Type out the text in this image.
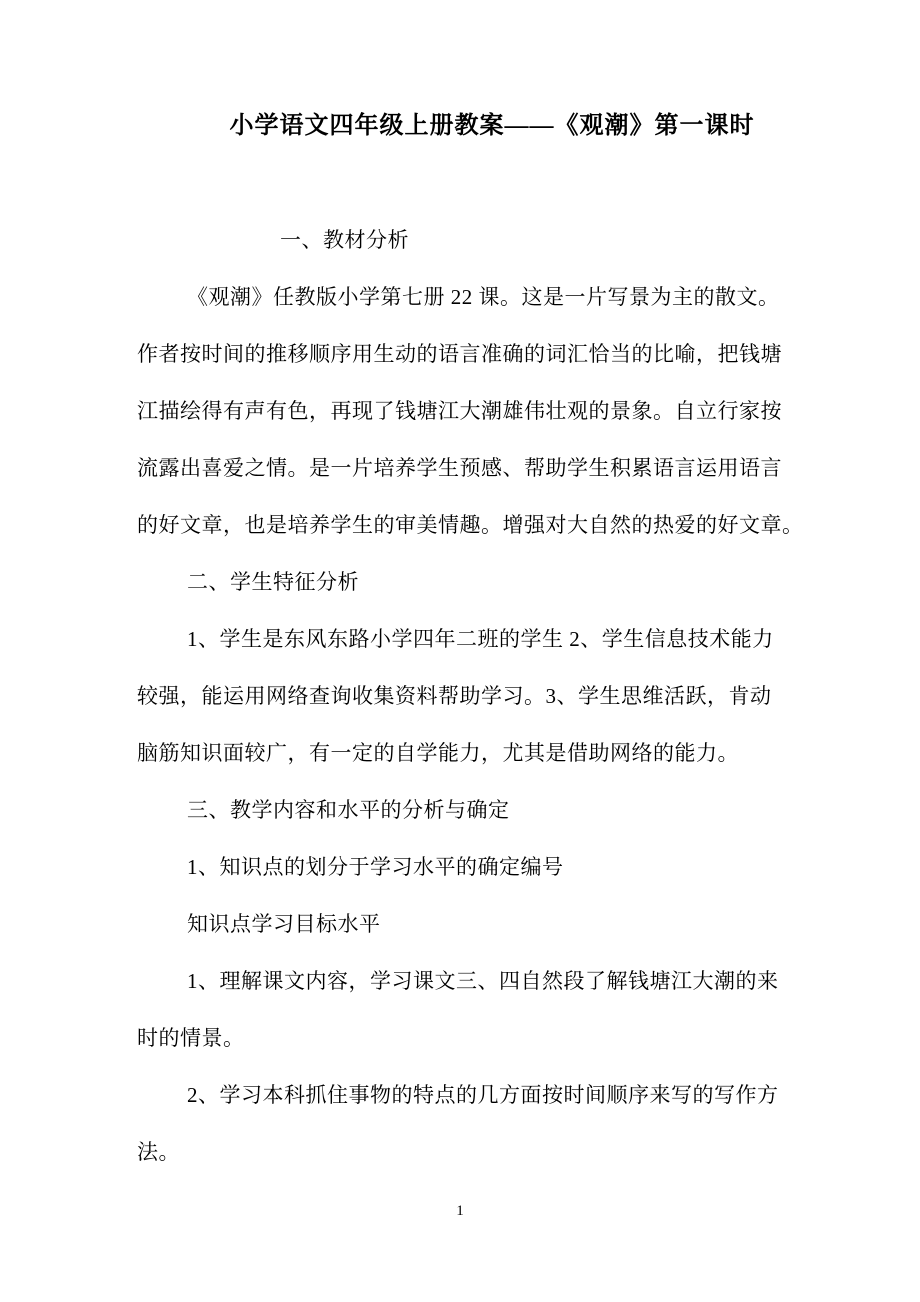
小学语文四年级上册教案——《观潮》第一课时
一、教材分析
《观潮》任教版小学第七册 22 课。这是一片写景为主的散文。
作者按时间的推移顺序用生动的语言准确的词汇恰当的比喻，把钱塘
江描绘得有声有色，再现了钱塘江大潮雄伟壮观的景象。自立行家按
流露出喜爱之情。是一片培养学生预感、帮助学生积累语言运用语言
的好文章，也是培养学生的审美情趣。增强对大自然的热爱的好文章。
二、学生特征分析
1、学生是东风东路小学四年二班的学生 2、学生信息技术能力
较强，能运用网络查询收集资料帮助学习。3、学生思维活跃，肯动
脑筋知识面较广，有一定的自学能力，尤其是借助网络的能力。
三、教学内容和水平的分析与确定
1、知识点的划分于学习水平的确定编号
知识点学习目标水平
1、理解课文内容，学习课文三、四自然段了解钱塘江大潮的来
时的情景。
2、学习本科抓住事物的特点的几方面按时间顺序来写的写作方
法。
1
